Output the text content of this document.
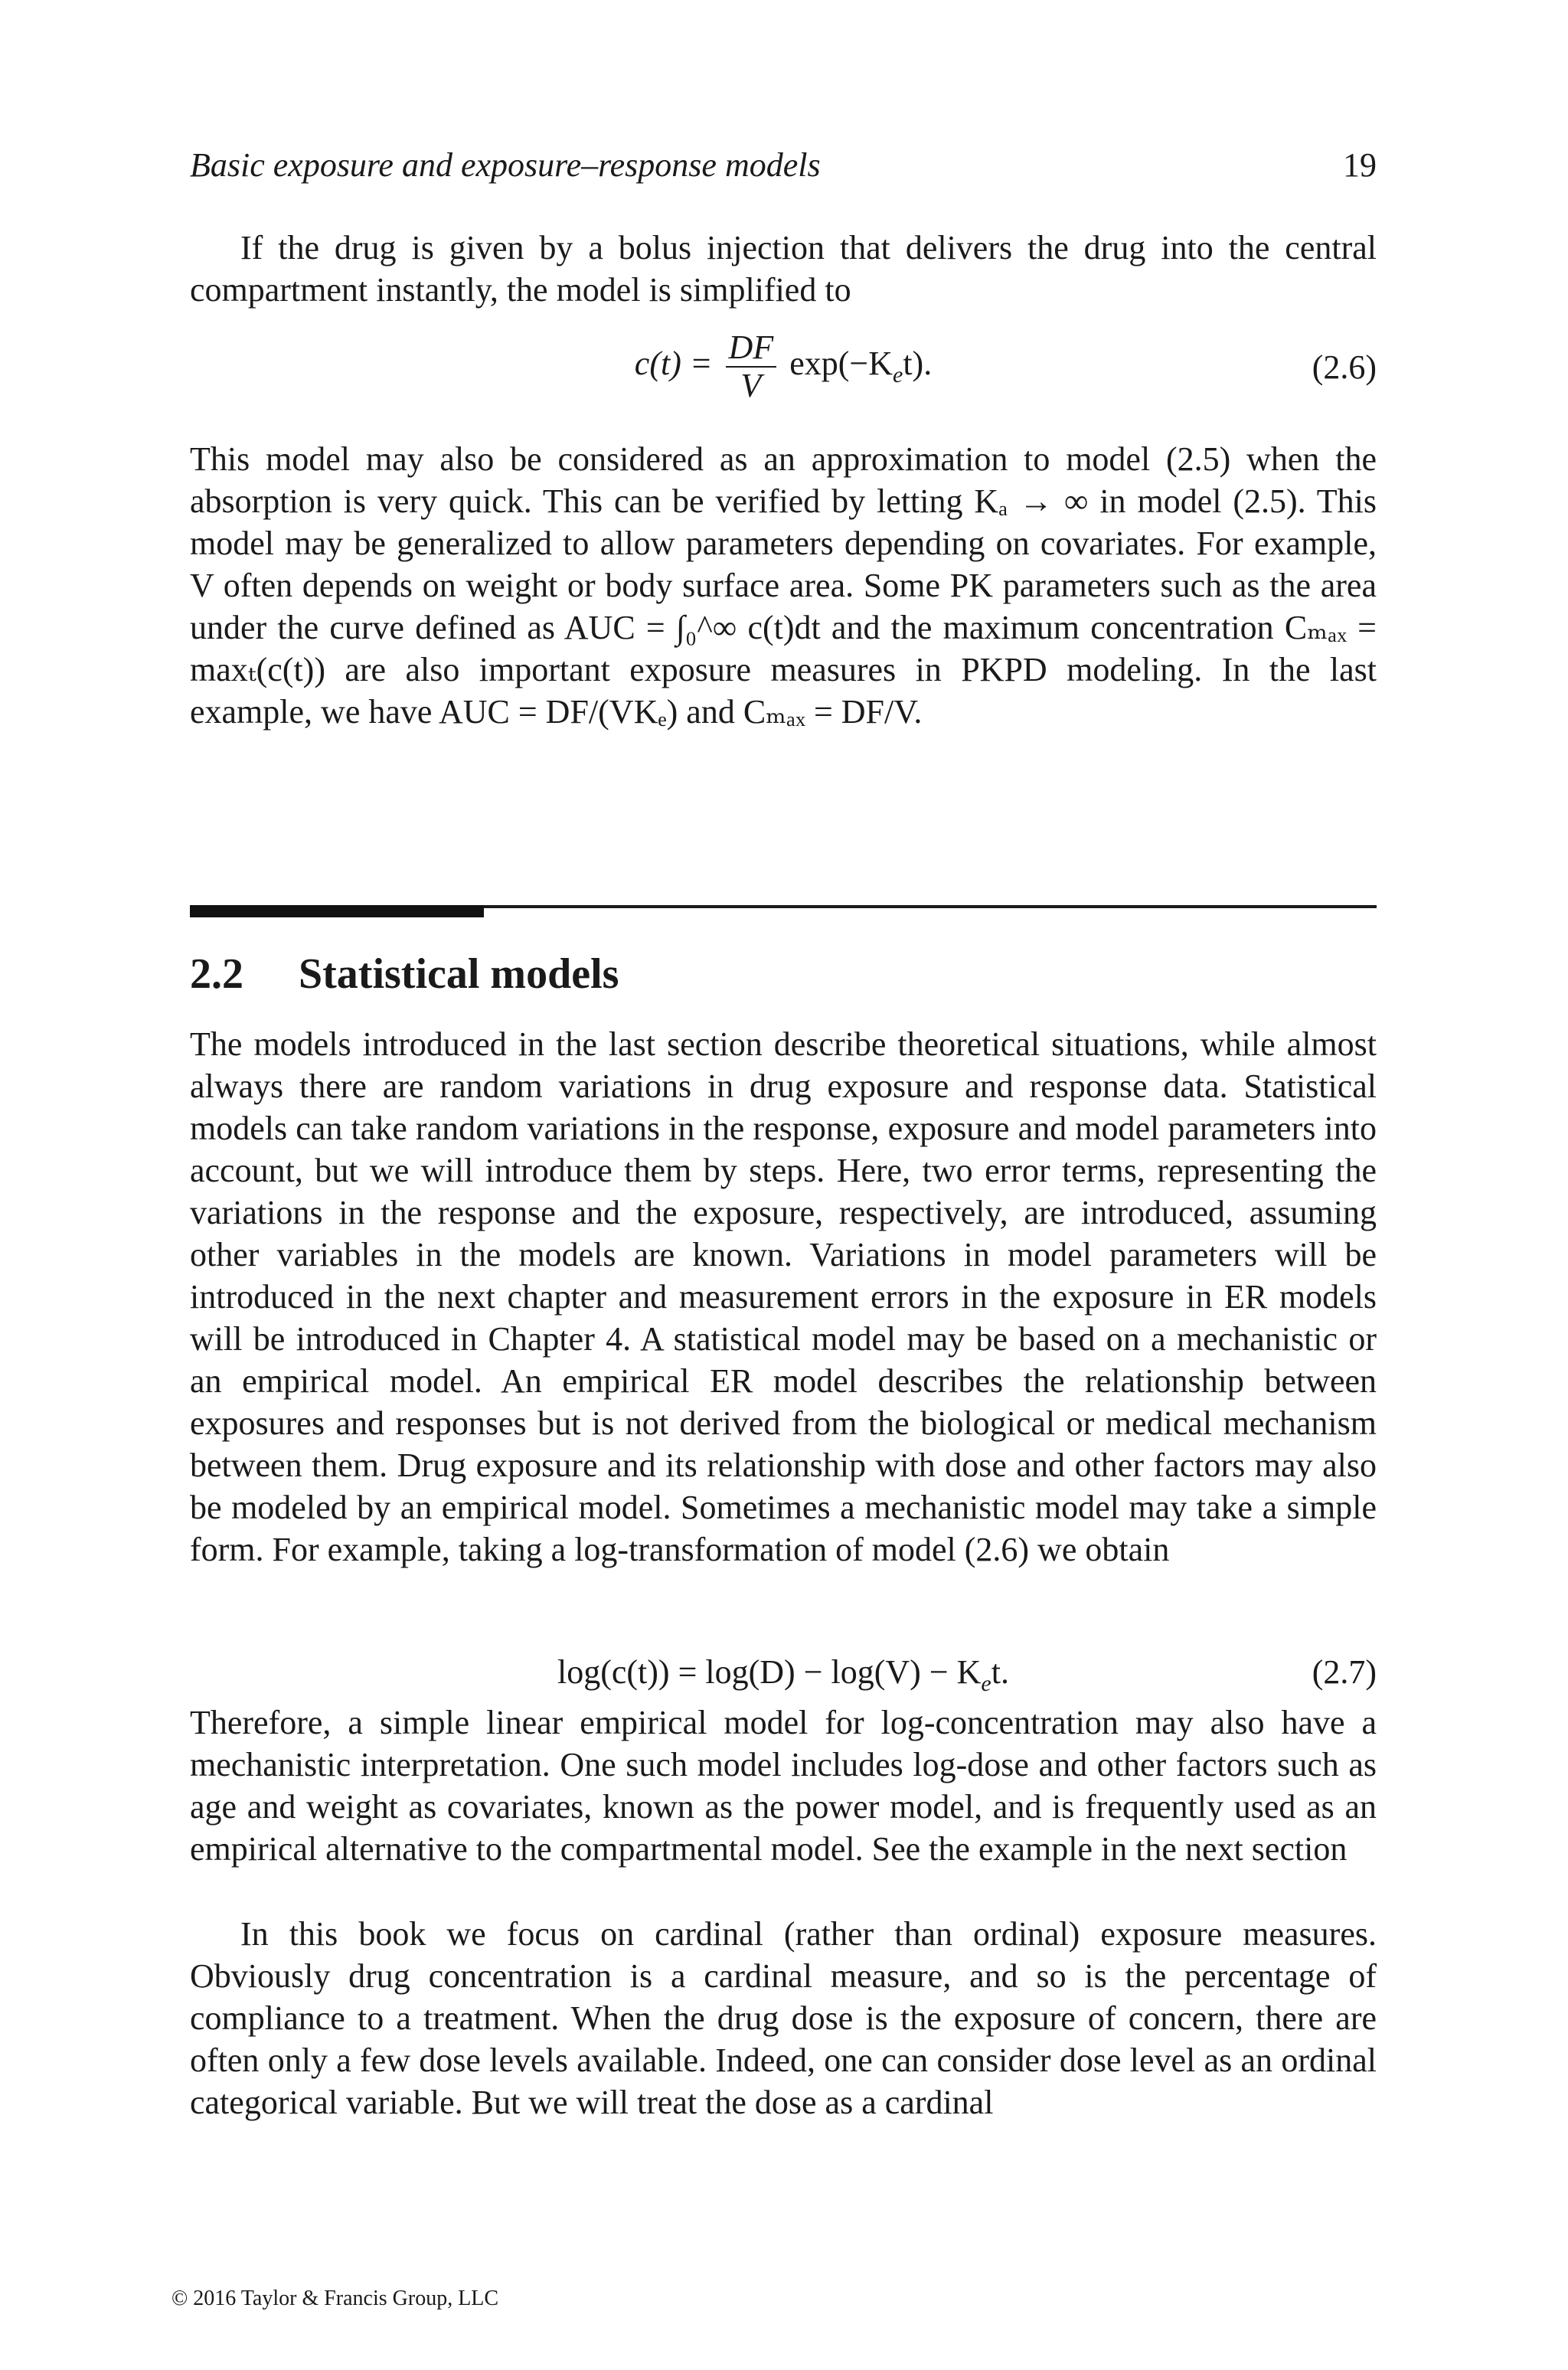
Basic exposure and exposure–response models	19
If the drug is given by a bolus injection that delivers the drug into the central compartment instantly, the model is simplified to
$c(t) = \frac{DF}{V} \exp(-K_et)$.	(2.6)
This model may also be considered as an approximation to model (2.5) when the absorption is very quick. This can be verified by letting Kₐ → ∞ in model (2.5). This model may be generalized to allow parameters depending on covariates. For example, V often depends on weight or body surface area. Some PK parameters such as the area under the curve defined as AUC = ∫₀^∞ c(t)dt and the maximum concentration Cₘₐₓ = maxₜ(c(t)) are also important exposure measures in PKPD modeling. In the last example, we have AUC = DF/(VKₑ) and Cₘₐₓ = DF/V.
2.2 Statistical models
The models introduced in the last section describe theoretical situations, while almost always there are random variations in drug exposure and response data. Statistical models can take random variations in the response, exposure and model parameters into account, but we will introduce them by steps. Here, two error terms, representing the variations in the response and the exposure, respectively, are introduced, assuming other variables in the models are known. Variations in model parameters will be introduced in the next chapter and measurement errors in the exposure in ER models will be introduced in Chapter 4. A statistical model may be based on a mechanistic or an empirical model. An empirical ER model describes the relationship between exposures and responses but is not derived from the biological or medical mechanism between them. Drug exposure and its relationship with dose and other factors may also be modeled by an empirical model. Sometimes a mechanistic model may take a simple form. For example, taking a log-transformation of model (2.6) we obtain
$\log(c(t)) = \log(D) - \log(V) - K_et$.	(2.7)
Therefore, a simple linear empirical model for log-concentration may also have a mechanistic interpretation. One such model includes log-dose and other factors such as age and weight as covariates, known as the power model, and is frequently used as an empirical alternative to the compartmental model. See the example in the next section
In this book we focus on cardinal (rather than ordinal) exposure measures. Obviously drug concentration is a cardinal measure, and so is the percentage of compliance to a treatment. When the drug dose is the exposure of concern, there are often only a few dose levels available. Indeed, one can consider dose level as an ordinal categorical variable. But we will treat the dose as a cardinal
© 2016 Taylor & Francis Group, LLC
